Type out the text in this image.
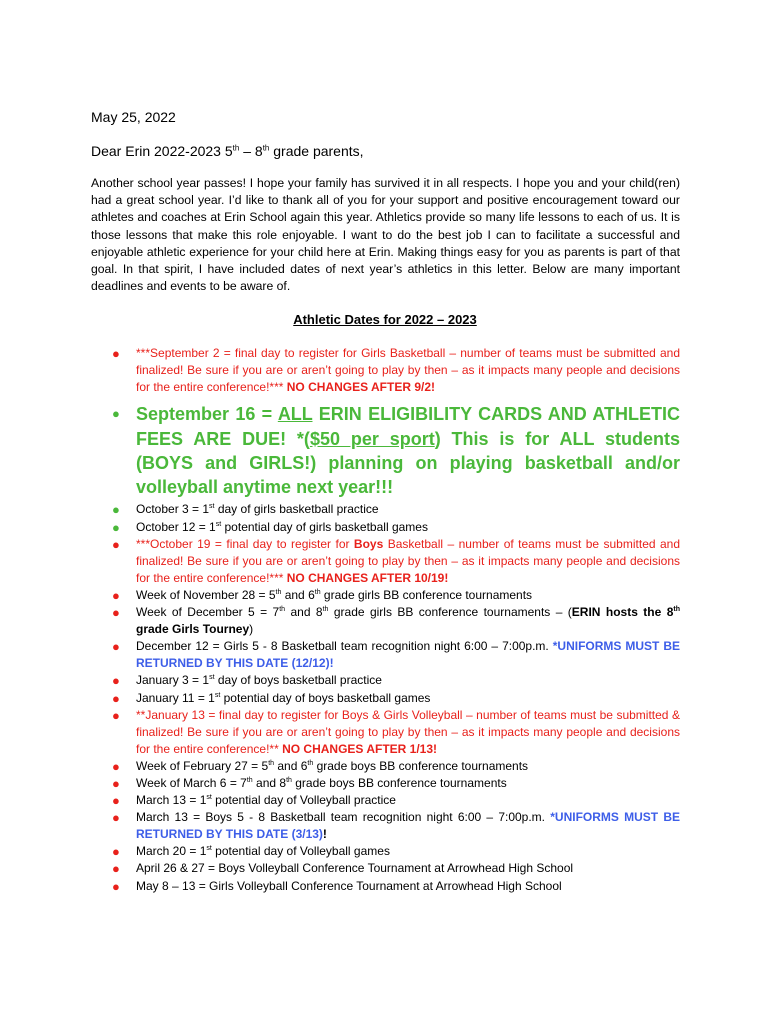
May 25, 2022
Dear Erin 2022-2023 5th – 8th grade parents,
Another school year passes! I hope your family has survived it in all respects. I hope you and your child(ren) had a great school year. I’d like to thank all of you for your support and positive encouragement toward our athletes and coaches at Erin School again this year. Athletics provide so many life lessons to each of us. It is those lessons that make this role enjoyable. I want to do the best job I can to facilitate a successful and enjoyable athletic experience for your child here at Erin. Making things easy for you as parents is part of that goal. In that spirit, I have included dates of next year’s athletics in this letter. Below are many important deadlines and events to be aware of.
Athletic Dates for 2022 – 2023
● ***September 2 = final day to register for Girls Basketball – number of teams must be submitted and finalized! Be sure if you are or aren’t going to play by then – as it impacts many people and decisions for the entire conference!*** NO CHANGES AFTER 9/2!
● September 16 = ALL ERIN ELIGIBILITY CARDS AND ATHLETIC FEES ARE DUE! *($50 per sport) This is for ALL students (BOYS and GIRLS!) planning on playing basketball and/or volleyball anytime next year!!!
● October 3 = 1st day of girls basketball practice
● October 12 = 1st potential day of girls basketball games
● ***October 19 = final day to register for Boys Basketball – number of teams must be submitted and finalized! Be sure if you are or aren’t going to play by then – as it impacts many people and decisions for the entire conference!*** NO CHANGES AFTER 10/19!
● Week of November 28 = 5th and 6th grade girls BB conference tournaments
● Week of December 5 = 7th and 8th grade girls BB conference tournaments – (ERIN hosts the 8th grade Girls Tourney)
● December 12 = Girls 5 - 8 Basketball team recognition night 6:00 – 7:00p.m. *UNIFORMS MUST BE RETURNED BY THIS DATE (12/12)!
● January 3 = 1st day of boys basketball practice
● January 11 = 1st potential day of boys basketball games
● **January 13 = final day to register for Boys & Girls Volleyball – number of teams must be submitted & finalized! Be sure if you are or aren’t going to play by then – as it impacts many people and decisions for the entire conference!** NO CHANGES AFTER 1/13!
● Week of February 27 = 5th and 6th grade boys BB conference tournaments
● Week of March 6 = 7th and 8th grade boys BB conference tournaments
● March 13 = 1st potential day of Volleyball practice
● March 13 = Boys 5 - 8 Basketball team recognition night 6:00 – 7:00p.m. *UNIFORMS MUST BE RETURNED BY THIS DATE (3/13)!
● March 20 = 1st potential day of Volleyball games
● April 26 & 27 = Boys Volleyball Conference Tournament at Arrowhead High School
● May 8 – 13 = Girls Volleyball Conference Tournament at Arrowhead High School
